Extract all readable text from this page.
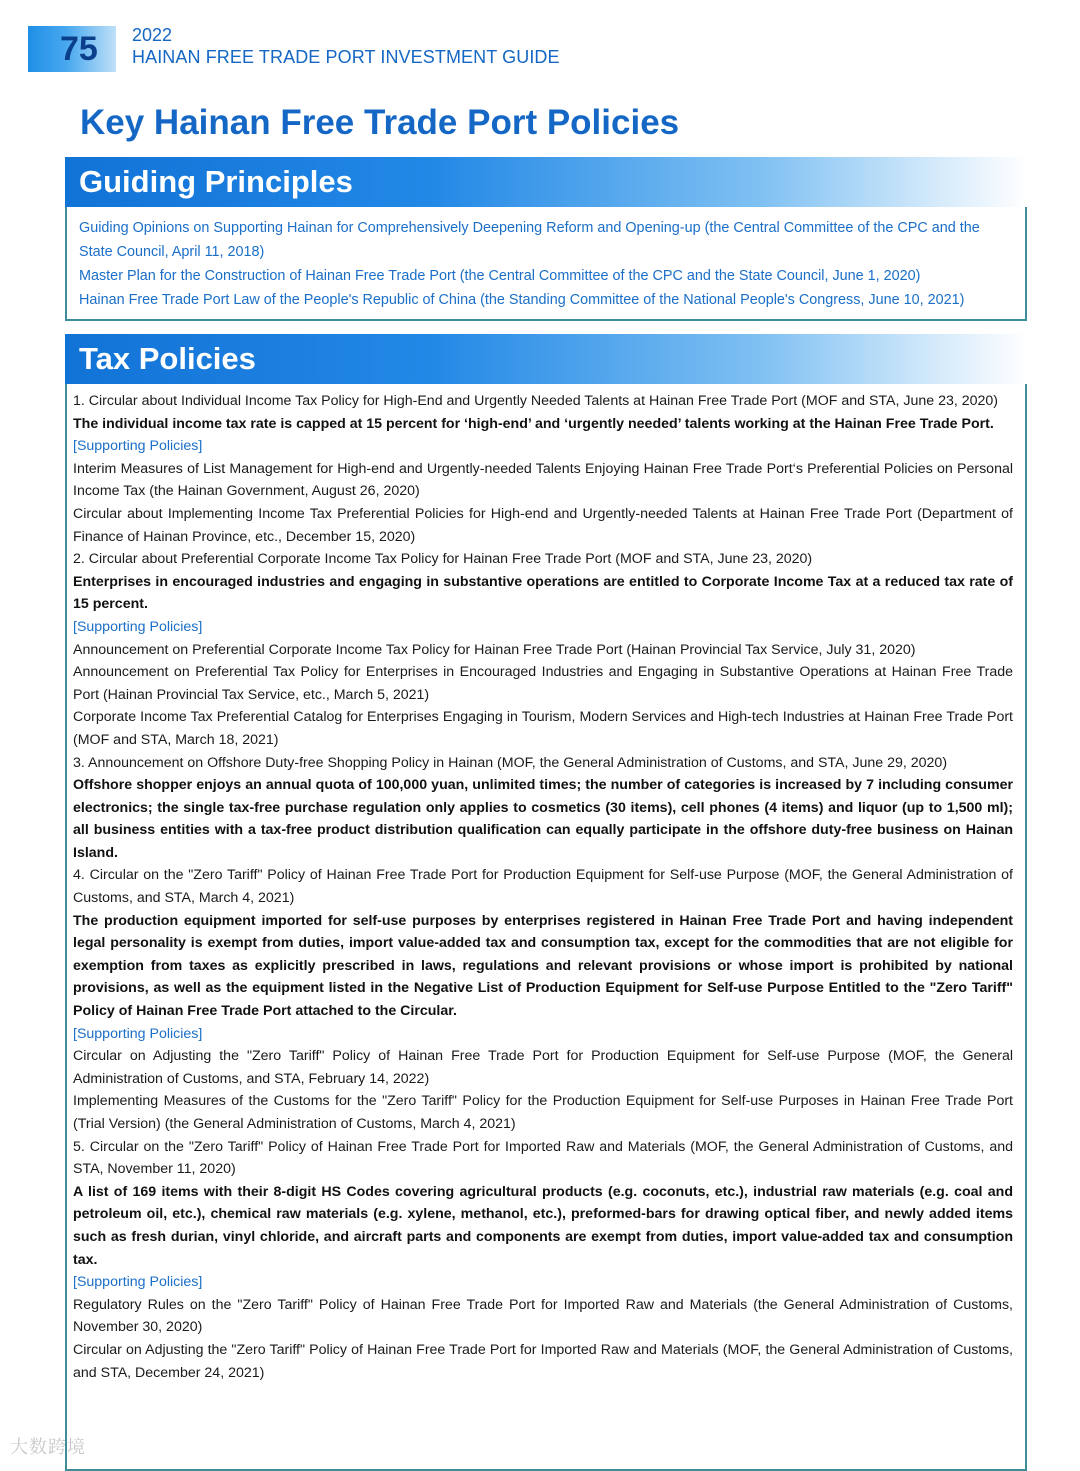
75 2022
HAINAN FREE TRADE PORT INVESTMENT GUIDE
Key Hainan Free Trade Port Policies
Guiding Principles
Guiding Opinions on Supporting Hainan for Comprehensively Deepening Reform and Opening-up (the Central Committee of the CPC and the State Council, April 11, 2018)
Master Plan for the Construction of Hainan Free Trade Port (the Central Committee of the CPC and the State Council, June 1, 2020)
Hainan Free Trade Port Law of the People's Republic of China (the Standing Committee of the National People's Congress, June 10, 2021)
Tax Policies
1. Circular about Individual Income Tax Policy for High-End and Urgently Needed Talents at Hainan Free Trade Port (MOF and STA, June 23, 2020)
The individual income tax rate is capped at 15 percent for ‘high-end’ and ‘urgently needed’ talents working at the Hainan Free Trade Port.
[Supporting Policies]
Interim Measures of List Management for High-end and Urgently-needed Talents Enjoying Hainan Free Trade Port‘s Preferential Policies on Personal Income Tax (the Hainan Government, August 26, 2020)
Circular about Implementing Income Tax Preferential Policies for High-end and Urgently-needed Talents at Hainan Free Trade Port (Department of Finance of Hainan Province, etc., December 15, 2020)
2. Circular about Preferential Corporate Income Tax Policy for Hainan Free Trade Port (MOF and STA, June 23, 2020)
Enterprises in encouraged industries and engaging in substantive operations are entitled to Corporate Income Tax at a reduced tax rate of 15 percent.
[Supporting Policies]
Announcement on Preferential Corporate Income Tax Policy for Hainan Free Trade Port (Hainan Provincial Tax Service, July 31, 2020)
Announcement on Preferential Tax Policy for Enterprises in Encouraged Industries and Engaging in Substantive Operations at Hainan Free Trade Port (Hainan Provincial Tax Service, etc., March 5, 2021)
Corporate Income Tax Preferential Catalog for Enterprises Engaging in Tourism, Modern Services and High-tech Industries at Hainan Free Trade Port (MOF and STA, March 18, 2021)
3. Announcement on Offshore Duty-free Shopping Policy in Hainan (MOF, the General Administration of Customs, and STA, June 29, 2020)
Offshore shopper enjoys an annual quota of 100,000 yuan, unlimited times; the number of categories is increased by 7 including consumer electronics; the single tax-free purchase regulation only applies to cosmetics (30 items), cell phones (4 items) and liquor (up to 1,500 ml); all business entities with a tax-free product distribution qualification can equally participate in the offshore duty-free business on Hainan Island.
4. Circular on the "Zero Tariff" Policy of Hainan Free Trade Port for Production Equipment for Self-use Purpose (MOF, the General Administration of Customs, and STA, March 4, 2021)
The production equipment imported for self-use purposes by enterprises registered in Hainan Free Trade Port and having independent legal personality is exempt from duties, import value-added tax and consumption tax, except for the commodities that are not eligible for exemption from taxes as explicitly prescribed in laws, regulations and relevant provisions or whose import is prohibited by national provisions, as well as the equipment listed in the Negative List of Production Equipment for Self-use Purpose Entitled to the "Zero Tariff" Policy of Hainan Free Trade Port attached to the Circular.
[Supporting Policies]
Circular on Adjusting the "Zero Tariff" Policy of Hainan Free Trade Port for Production Equipment for Self-use Purpose (MOF, the General Administration of Customs, and STA, February 14, 2022)
Implementing Measures of the Customs for the "Zero Tariff" Policy for the Production Equipment for Self-use Purposes in Hainan Free Trade Port (Trial Version) (the General Administration of Customs, March 4, 2021)
5. Circular on the "Zero Tariff" Policy of Hainan Free Trade Port for Imported Raw and Materials (MOF, the General Administration of Customs, and STA, November 11, 2020)
A list of 169 items with their 8-digit HS Codes covering agricultural products (e.g. coconuts, etc.), industrial raw materials (e.g. coal and petroleum oil, etc.), chemical raw materials (e.g. xylene, methanol, etc.), preformed-bars for drawing optical fiber, and newly added items such as fresh durian, vinyl chloride, and aircraft parts and components are exempt from duties, import value-added tax and consumption tax.
[Supporting Policies]
Regulatory Rules on the "Zero Tariff" Policy of Hainan Free Trade Port for Imported Raw and Materials (the General Administration of Customs, November 30, 2020)
Circular on Adjusting the "Zero Tariff" Policy of Hainan Free Trade Port for Imported Raw and Materials (MOF, the General Administration of Customs, and STA, December 24, 2021)
大数跨境
